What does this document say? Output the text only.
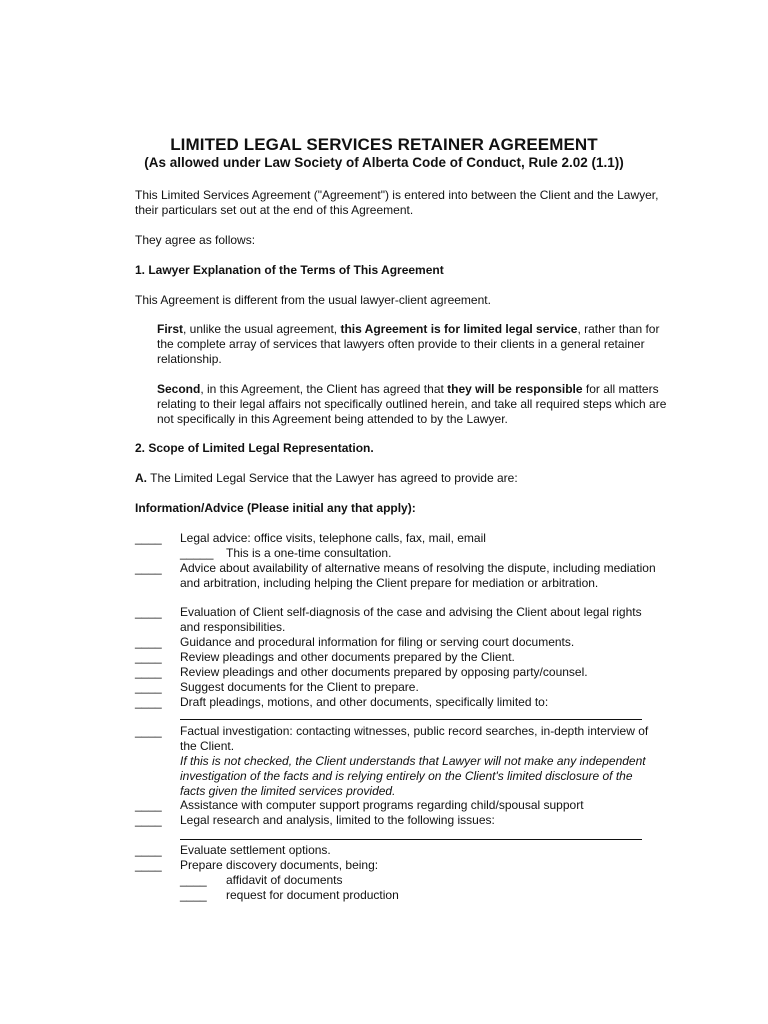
LIMITED LEGAL SERVICES RETAINER AGREEMENT
(As allowed under Law Society of Alberta Code of Conduct, Rule 2.02 (1.1))
This Limited Services Agreement ("Agreement") is entered into between the Client and the Lawyer, their particulars set out at the end of this Agreement.
They agree as follows:
1. Lawyer Explanation of the Terms of This Agreement
This Agreement is different from the usual lawyer-client agreement.
First, unlike the usual agreement, this Agreement is for limited legal service, rather than for the complete array of services that lawyers often provide to their clients in a general retainer relationship.
Second, in this Agreement, the Client has agreed that they will be responsible for all matters relating to their legal affairs not specifically outlined herein, and take all required steps which are not specifically in this Agreement being attended to by the Lawyer.
2. Scope of Limited Legal Representation.
A. The Limited Legal Service that the Lawyer has agreed to provide are:
Information/Advice (Please initial any that apply):
____
Legal advice: office visits, telephone calls, fax, mail, email
_____	This is a one-time consultation.
____
Advice about availability of alternative means of resolving the dispute, including mediation and arbitration, including helping the Client prepare for mediation or arbitration.
____
Evaluation of Client self-diagnosis of the case and advising the Client about legal rights and responsibilities.
____
Guidance and procedural information for filing or serving court documents.
____
Review pleadings and other documents prepared by the Client.
____
Review pleadings and other documents prepared by opposing party/counsel.
____
Suggest documents for the Client to prepare.
____
Draft pleadings, motions, and other documents, specifically limited to:
____
Factual investigation: contacting witnesses, public record searches, in-depth interview of the Client.
If this is not checked, the Client understands that Lawyer will not make any independent investigation of the facts and is relying entirely on the Client's limited disclosure of the facts given the limited services provided.
____
Assistance with computer support programs regarding child/spousal support
____
Legal research and analysis, limited to the following issues:
____
Evaluate settlement options.
____
Prepare discovery documents, being:
____	affidavit of documents
____	request for document production
